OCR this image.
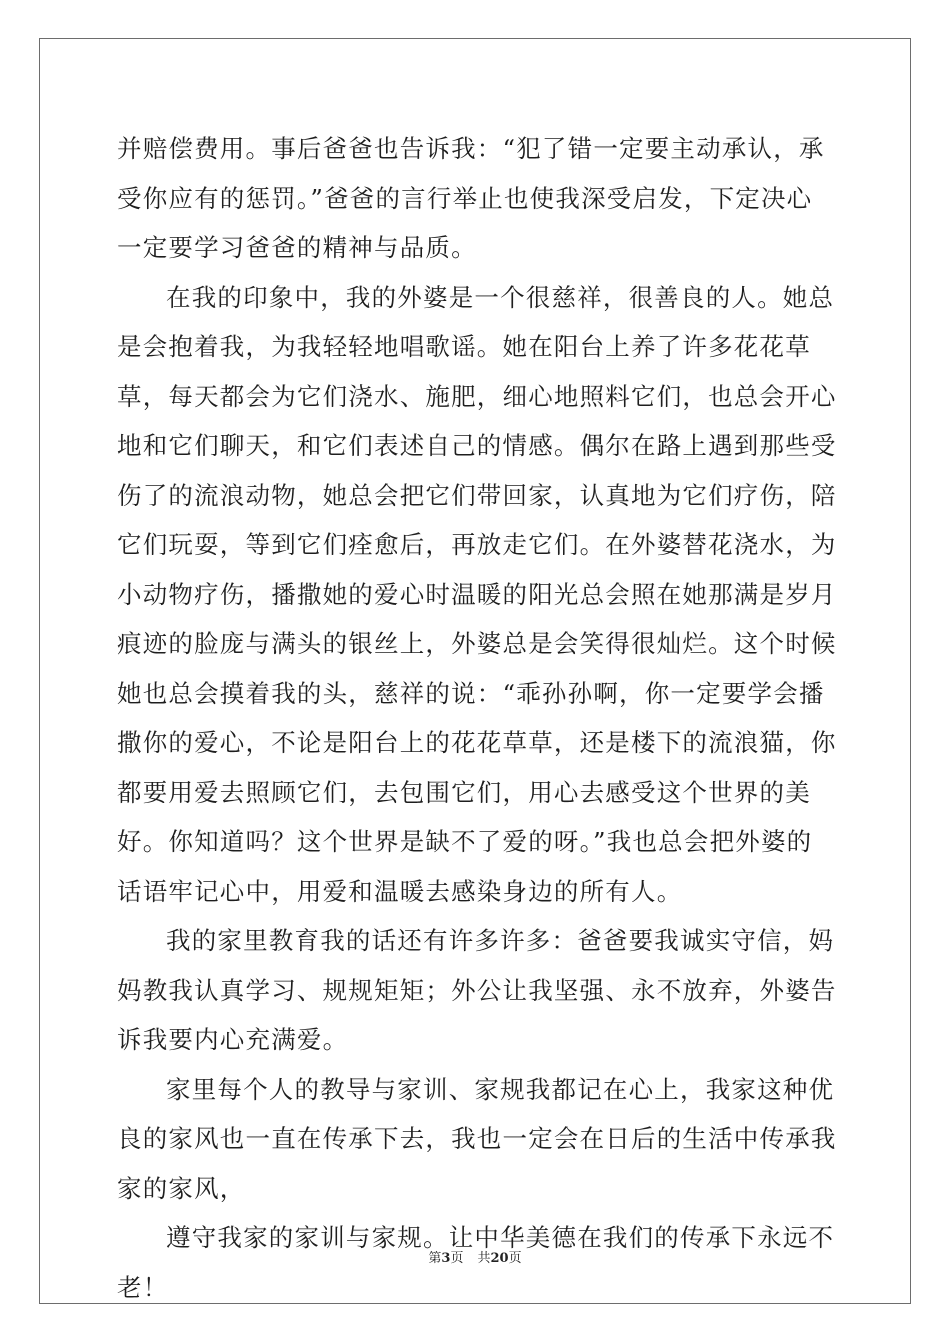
并赔偿费用。事后爸爸也告诉我：“犯了错一定要主动承认，承受你应有的惩罚。”爸爸的言行举止也使我深受启发，下定决心一定要学习爸爸的精神与品质。

在我的印象中，我的外婆是一个很慈祥，很善良的人。她总是会抱着我，为我轻轻地唱歌谣。她在阳台上养了许多花花草草，每天都会为它们浇水、施肥，细心地照料它们，也总会开心地和它们聊天，和它们表述自己的情感。偶尔在路上遇到那些受伤了的流浪动物，她总会把它们带回家，认真地为它们疗伤，陪它们玩耍，等到它们痊愈后，再放走它们。在外婆替花浇水，为小动物疗伤，播撒她的爱心时温暖的阳光总会照在她那满是岁月痕迹的脸庞与满头的银丝上，外婆总是会笑得很灿烂。这个时候她也总会摸着我的头，慈祥的说：“乖孙孙啊，你一定要学会播撒你的爱心，不论是阳台上的花花草草，还是楼下的流浪猫，你都要用爱去照顾它们，去包围它们，用心去感受这个世界的美好。你知道吗？这个世界是缺不了爱的呀。”我也总会把外婆的话语牢记心中，用爱和温暖去感染身边的所有人。

我的家里教育我的话还有许多许多：爸爸要我诚实守信，妈妈教我认真学习、规规矩矩；外公让我坚强、永不放弃，外婆告诉我要内心充满爱。

家里每个人的教导与家训、家规我都记在心上，我家这种优良的家风也一直在传承下去，我也一定会在日后的生活中传承我家的家风，

遵守我家的家训与家规。让中华美德在我们的传承下永远不老！

第3页 共20页
